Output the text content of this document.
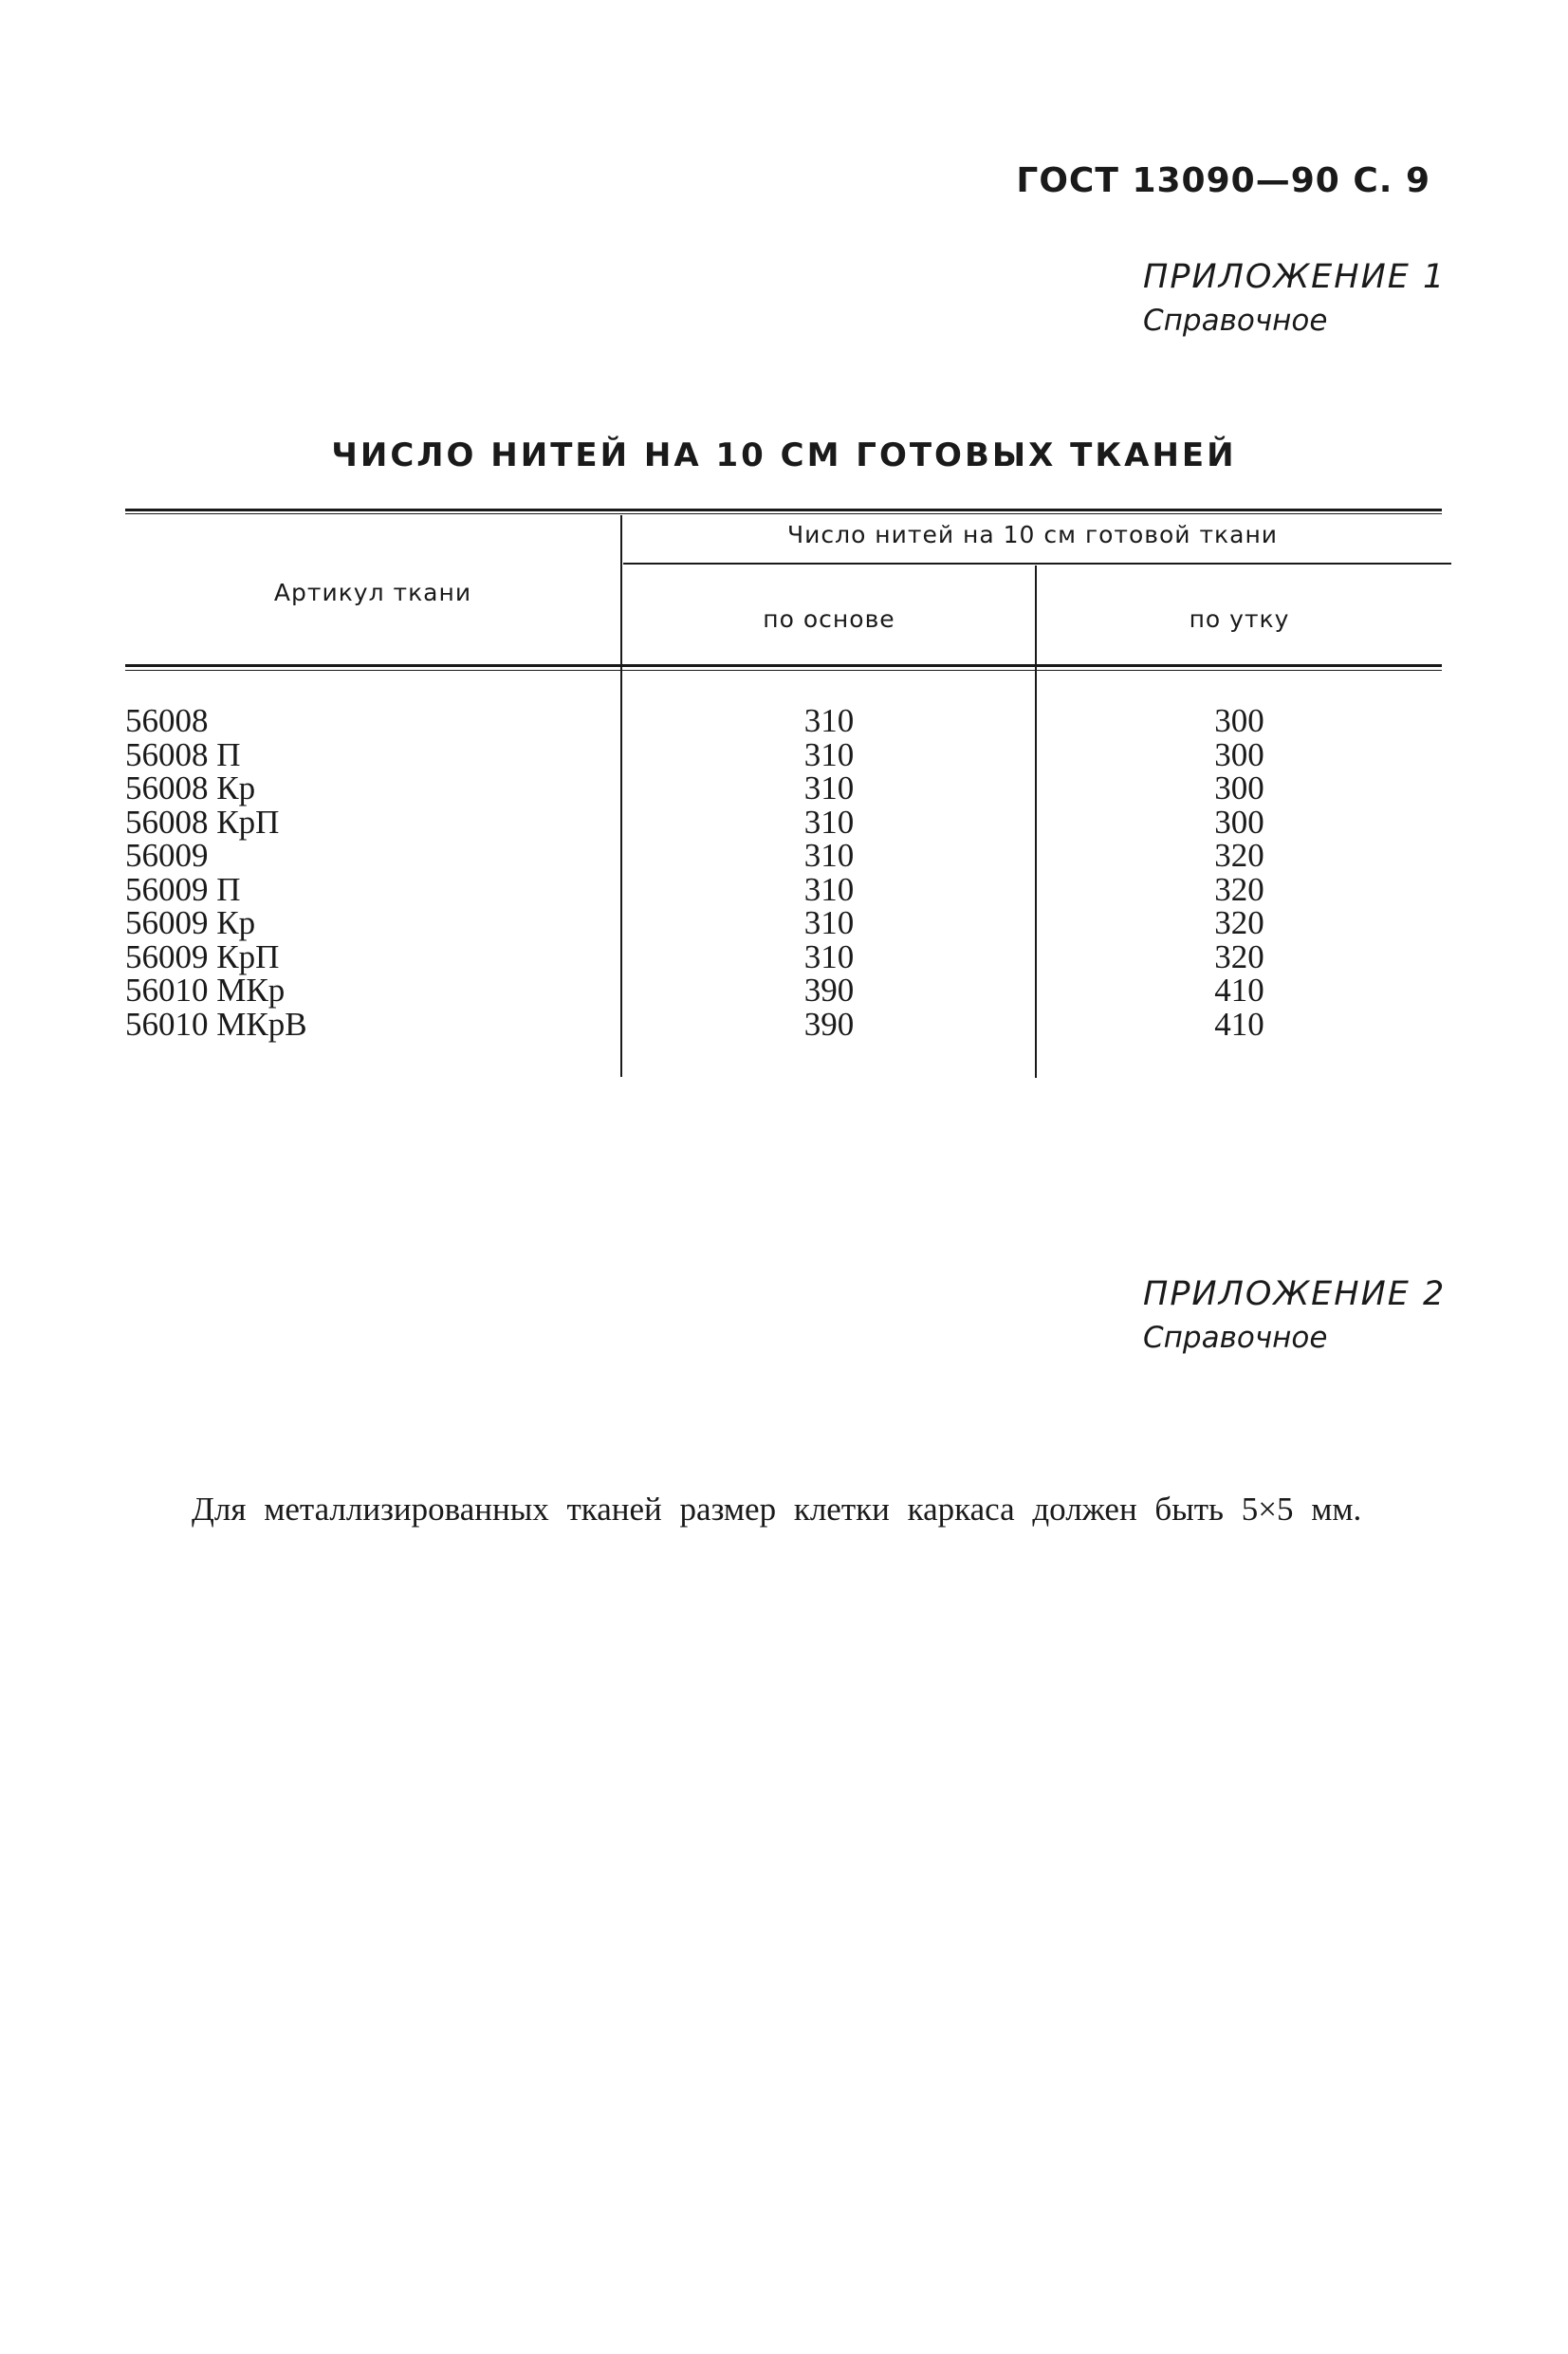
ГОСТ 13090—90 С. 9
ПРИЛОЖЕНИЕ 1
Справочное
ЧИСЛО НИТЕЙ НА 10 СМ ГОТОВЫХ ТКАНЕЙ
Артикул ткани
Число нитей на 10 см готовой ткани
по основе	по утку
56008	310	300
56008 П	310	300
56008 Кр	310	300
56008 КрП	310	300
56009	310	320
56009 П	310	320
56009 Кр	310	320
56009 КрП	310	320
56010 МКр	390	410
56010 МКрВ	390	410
ПРИЛОЖЕНИЕ 2
Справочное

Для металлизированных тканей размер клетки каркаса должен быть 5×5 мм.
